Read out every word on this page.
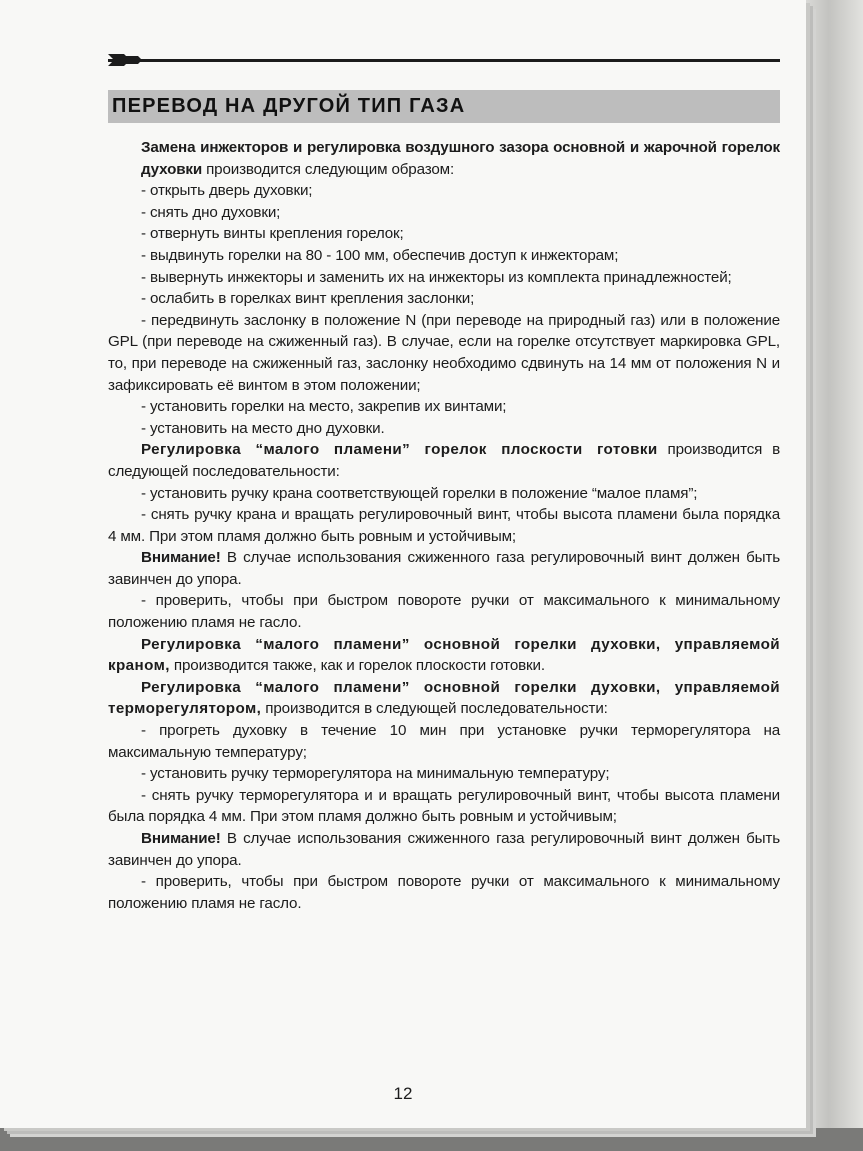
ПЕРЕВОД НА ДРУГОЙ ТИП ГАЗА

Замена инжекторов и регулировка воздушного зазора основной и жарочной горелок духовки производится следующим образом:

- открыть дверь духовки;

- снять дно духовки;

- отвернуть винты крепления горелок;

- выдвинуть горелки на 80 - 100 мм, обеспечив доступ к инжекторам;

- вывернуть инжекторы и заменить их на инжекторы из комплекта принадлежностей;

- ослабить в горелках винт крепления заслонки;

- передвинуть заслонку в положение N (при переводе на природный газ) или в положение GPL (при переводе на сжиженный газ). В случае, если на горелке отсутствует маркировка GPL, то, при переводе на сжиженный газ, заслонку необходимо сдвинуть на 14 мм от положения N и зафиксировать её винтом в этом положении;

- установить горелки на место, закрепив их винтами;

- установить на место дно духовки.

Регулировка “малого пламени” горелок плоскости готовки производится в следующей последовательности:

- установить ручку крана соответствующей горелки в положение “малое пламя”;

- снять ручку крана и вращать регулировочный винт, чтобы высота пламени была порядка 4 мм. При этом пламя должно быть ровным и устойчивым;

Внимание! В случае использования сжиженного газа регулировочный винт должен быть завинчен до упора.

- проверить, чтобы при быстром повороте ручки от максимального к минимальному положению пламя не гасло.

Регулировка “малого пламени” основной горелки духовки, управляемой краном, производится также, как и горелок плоскости готовки.

Регулировка “малого пламени” основной горелки духовки, управляемой терморегулятором, производится в следующей последовательности:

- прогреть духовку в течение 10 мин при установке ручки терморегулятора на максимальную температуру;

- установить ручку терморегулятора на минимальную температуру;

- снять ручку терморегулятора и и вращать регулировочный винт, чтобы высота пламени была порядка 4 мм. При этом пламя должно быть ровным и устойчивым;

Внимание! В случае использования сжиженного газа регулировочный винт должен быть завинчен до упора.

- проверить, чтобы при быстром повороте ручки от максимального к минимальному положению пламя не гасло.

12
